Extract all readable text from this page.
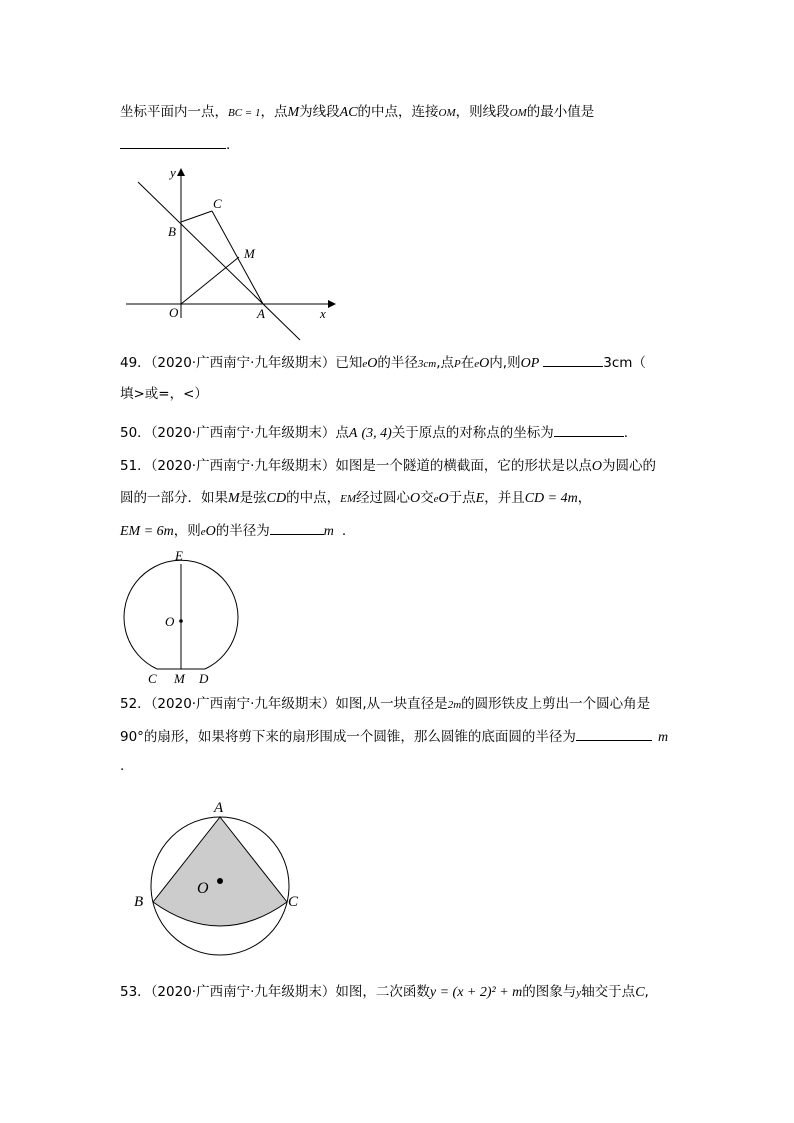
坐标平面内一点，BC = 1，点M为线段AC的中点，连接OM，则线段OM的最小值是
.
y
x
C
B
M
O	A
49．（2020·广西南宁·九年级期末）已知eO的半径3cm,点P在eO内,则OP	3cm（
填>或=，<）
50．（2020·广西南宁·九年级期末）点A (3, 4)关于原点的对称点的坐标为	.
51．（2020·广西南宁·九年级期末）如图是一个隧道的横截面，它的形状是以点O为圆心的
圆的一部分．如果M是弦CD的中点，EM经过圆心O交eO于点E，并且CD = 4m，
EM = 6m，则eO的半径为	m .
E
O
C M D
52．（2020·广西南宁·九年级期末）如图,从一块直径是2m的圆形铁皮上剪出一个圆心角是
90°的扇形，如果将剪下来的扇形围成一个圆锥，那么圆锥的底面圆的半径为	m
.
A
O
B	C
53．（2020·广西南宁·九年级期末）如图，二次函数y = (x + 2)² + m的图象与y轴交于点C,
